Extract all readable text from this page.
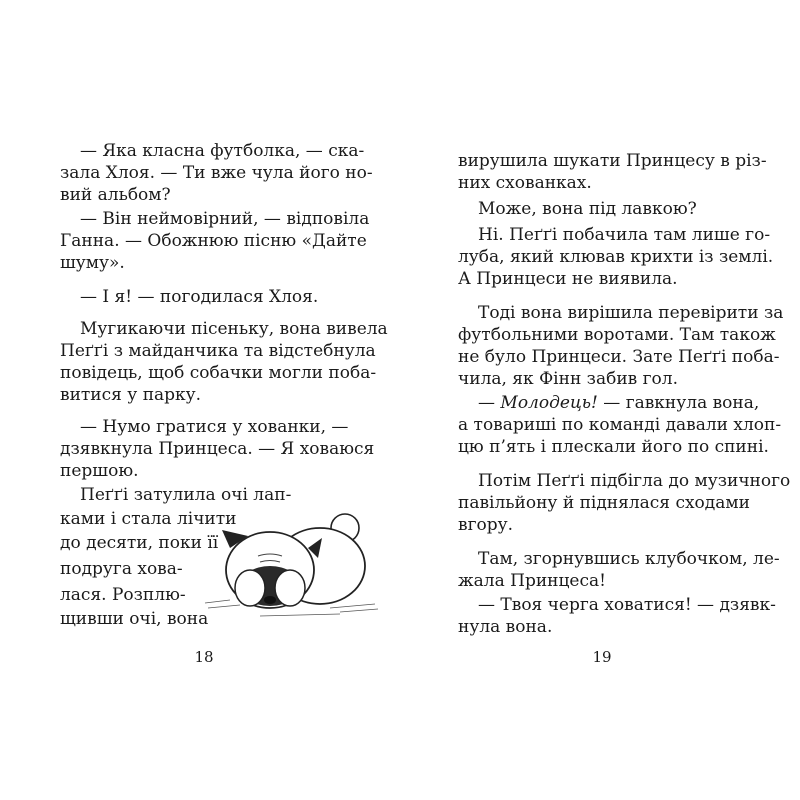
— Яка класна футболка, — ска-
зала Хлоя. — Ти вже чула його но-
вий альбом?
— Він неймовірний, — відповіла
Ганна. — Обожнюю пісню «Дайте
шуму».
— І я! — погодилася Хлоя.
Мугикаючи пісеньку, вона вивела
Пеґґі з майданчика та відстебнула
повідець, щоб собачки могли поба-
витися у парку.
— Нумо гратися у хованки, —
дзявкнула Принцеса. — Я ховаюся
першою.
Пеґґі затулила очі лап-
ками і стала лічити
до десяти, поки її
подруга хова-
лася. Розплю-
щивши очі, вона
18
вирушила шукати Принцесу в різ-
них схованках.
Може, вона під лавкою?
Ні. Пеґґі побачила там лише го-
луба, який клював крихти із землі.
А Принцеси не виявила.
Тоді вона вирішила перевірити за
футбольними воротами. Там також
не було Принцеси. Зате Пеґґі поба-
чила, як Фінн забив гол.
— Молодець! — гавкнула вона,
а товариші по команді давали хлоп-
цю п’ять і плескали його по спині.
Потім Пеґґі підбігла до музичного
павільйону й піднялася сходами
вгору.
Там, згорнувшись клубочком, ле-
жала Принцеса!
— Твоя черга ховатися! — дзявк-
нула вона.
19
